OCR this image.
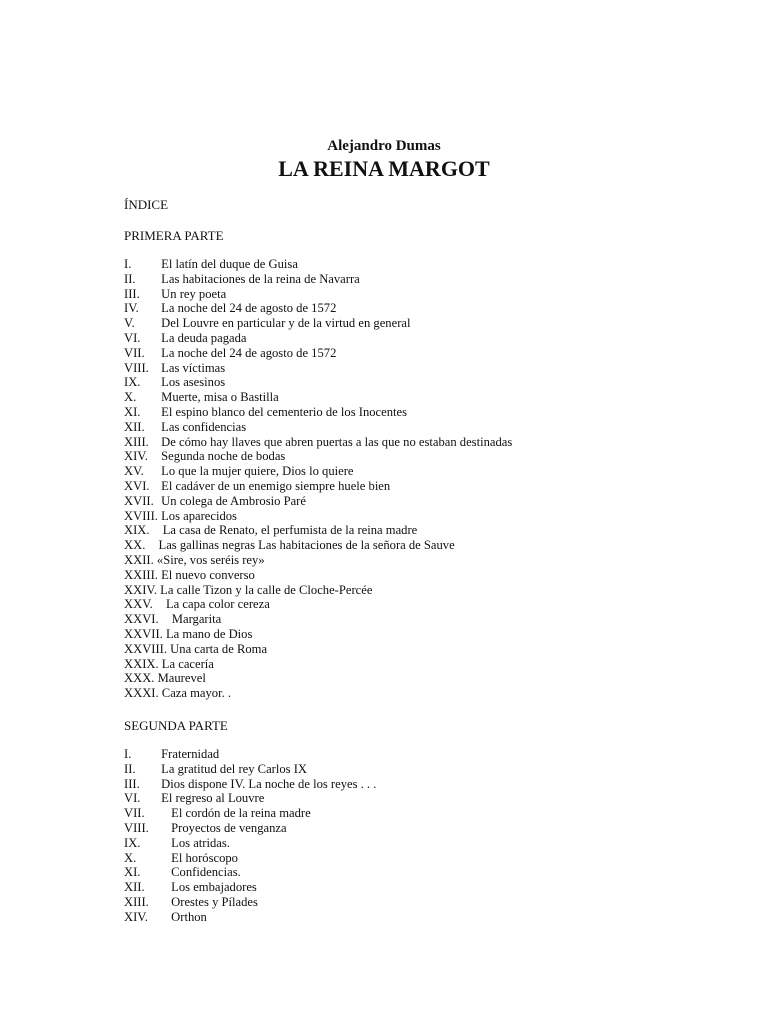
Alejandro Dumas
LA REINA MARGOT
ÍNDICE
PRIMERA PARTE
I. El latín del duque de Guisa
II. Las habitaciones de la reina de Navarra
III. Un rey poeta
IV. La noche del 24 de agosto de 1572
V. Del Louvre en particular y de la virtud en general
VI. La deuda pagada
VII. La noche del 24 de agosto de 1572
VIII. Las víctimas
IX. Los asesinos
X. Muerte, misa o Bastilla
XI. El espino blanco del cementerio de los Inocentes
XII. Las confidencias
XIII. De cómo hay llaves que abren puertas a las que no estaban destinadas
XIV. Segunda noche de bodas
XV. Lo que la mujer quiere, Dios lo quiere
XVI. El cadáver de un enemigo siempre huele bien
XVII. Un colega de Ambrosio Paré
XVIII. Los aparecidos
XIX. La casa de Renato, el perfumista de la reina madre
XX. Las gallinas negras Las habitaciones de la señora de Sauve
XXII. «Sire, vos seréis rey»
XXIII. El nuevo converso
XXIV. La calle Tizon y la calle de Cloche-Percée
XXV. La capa color cereza
XXVI. Margarita
XXVII. La mano de Dios
XXVIII. Una carta de Roma
XXIX. La cacería
XXX. Maurevel
XXXI. Caza mayor. .
SEGUNDA PARTE
I. Fraternidad
II. La gratitud del rey Carlos IX
III. Dios dispone IV. La noche de los reyes . . .
VI. El regreso al Louvre
VII. El cordón de la reina madre
VIII. Proyectos de venganza
IX. Los atridas.
X.	El horóscopo
XI. Confidencias.
XII. Los embajadores
XIII. Orestes y Pílades
XIV. Orthon
